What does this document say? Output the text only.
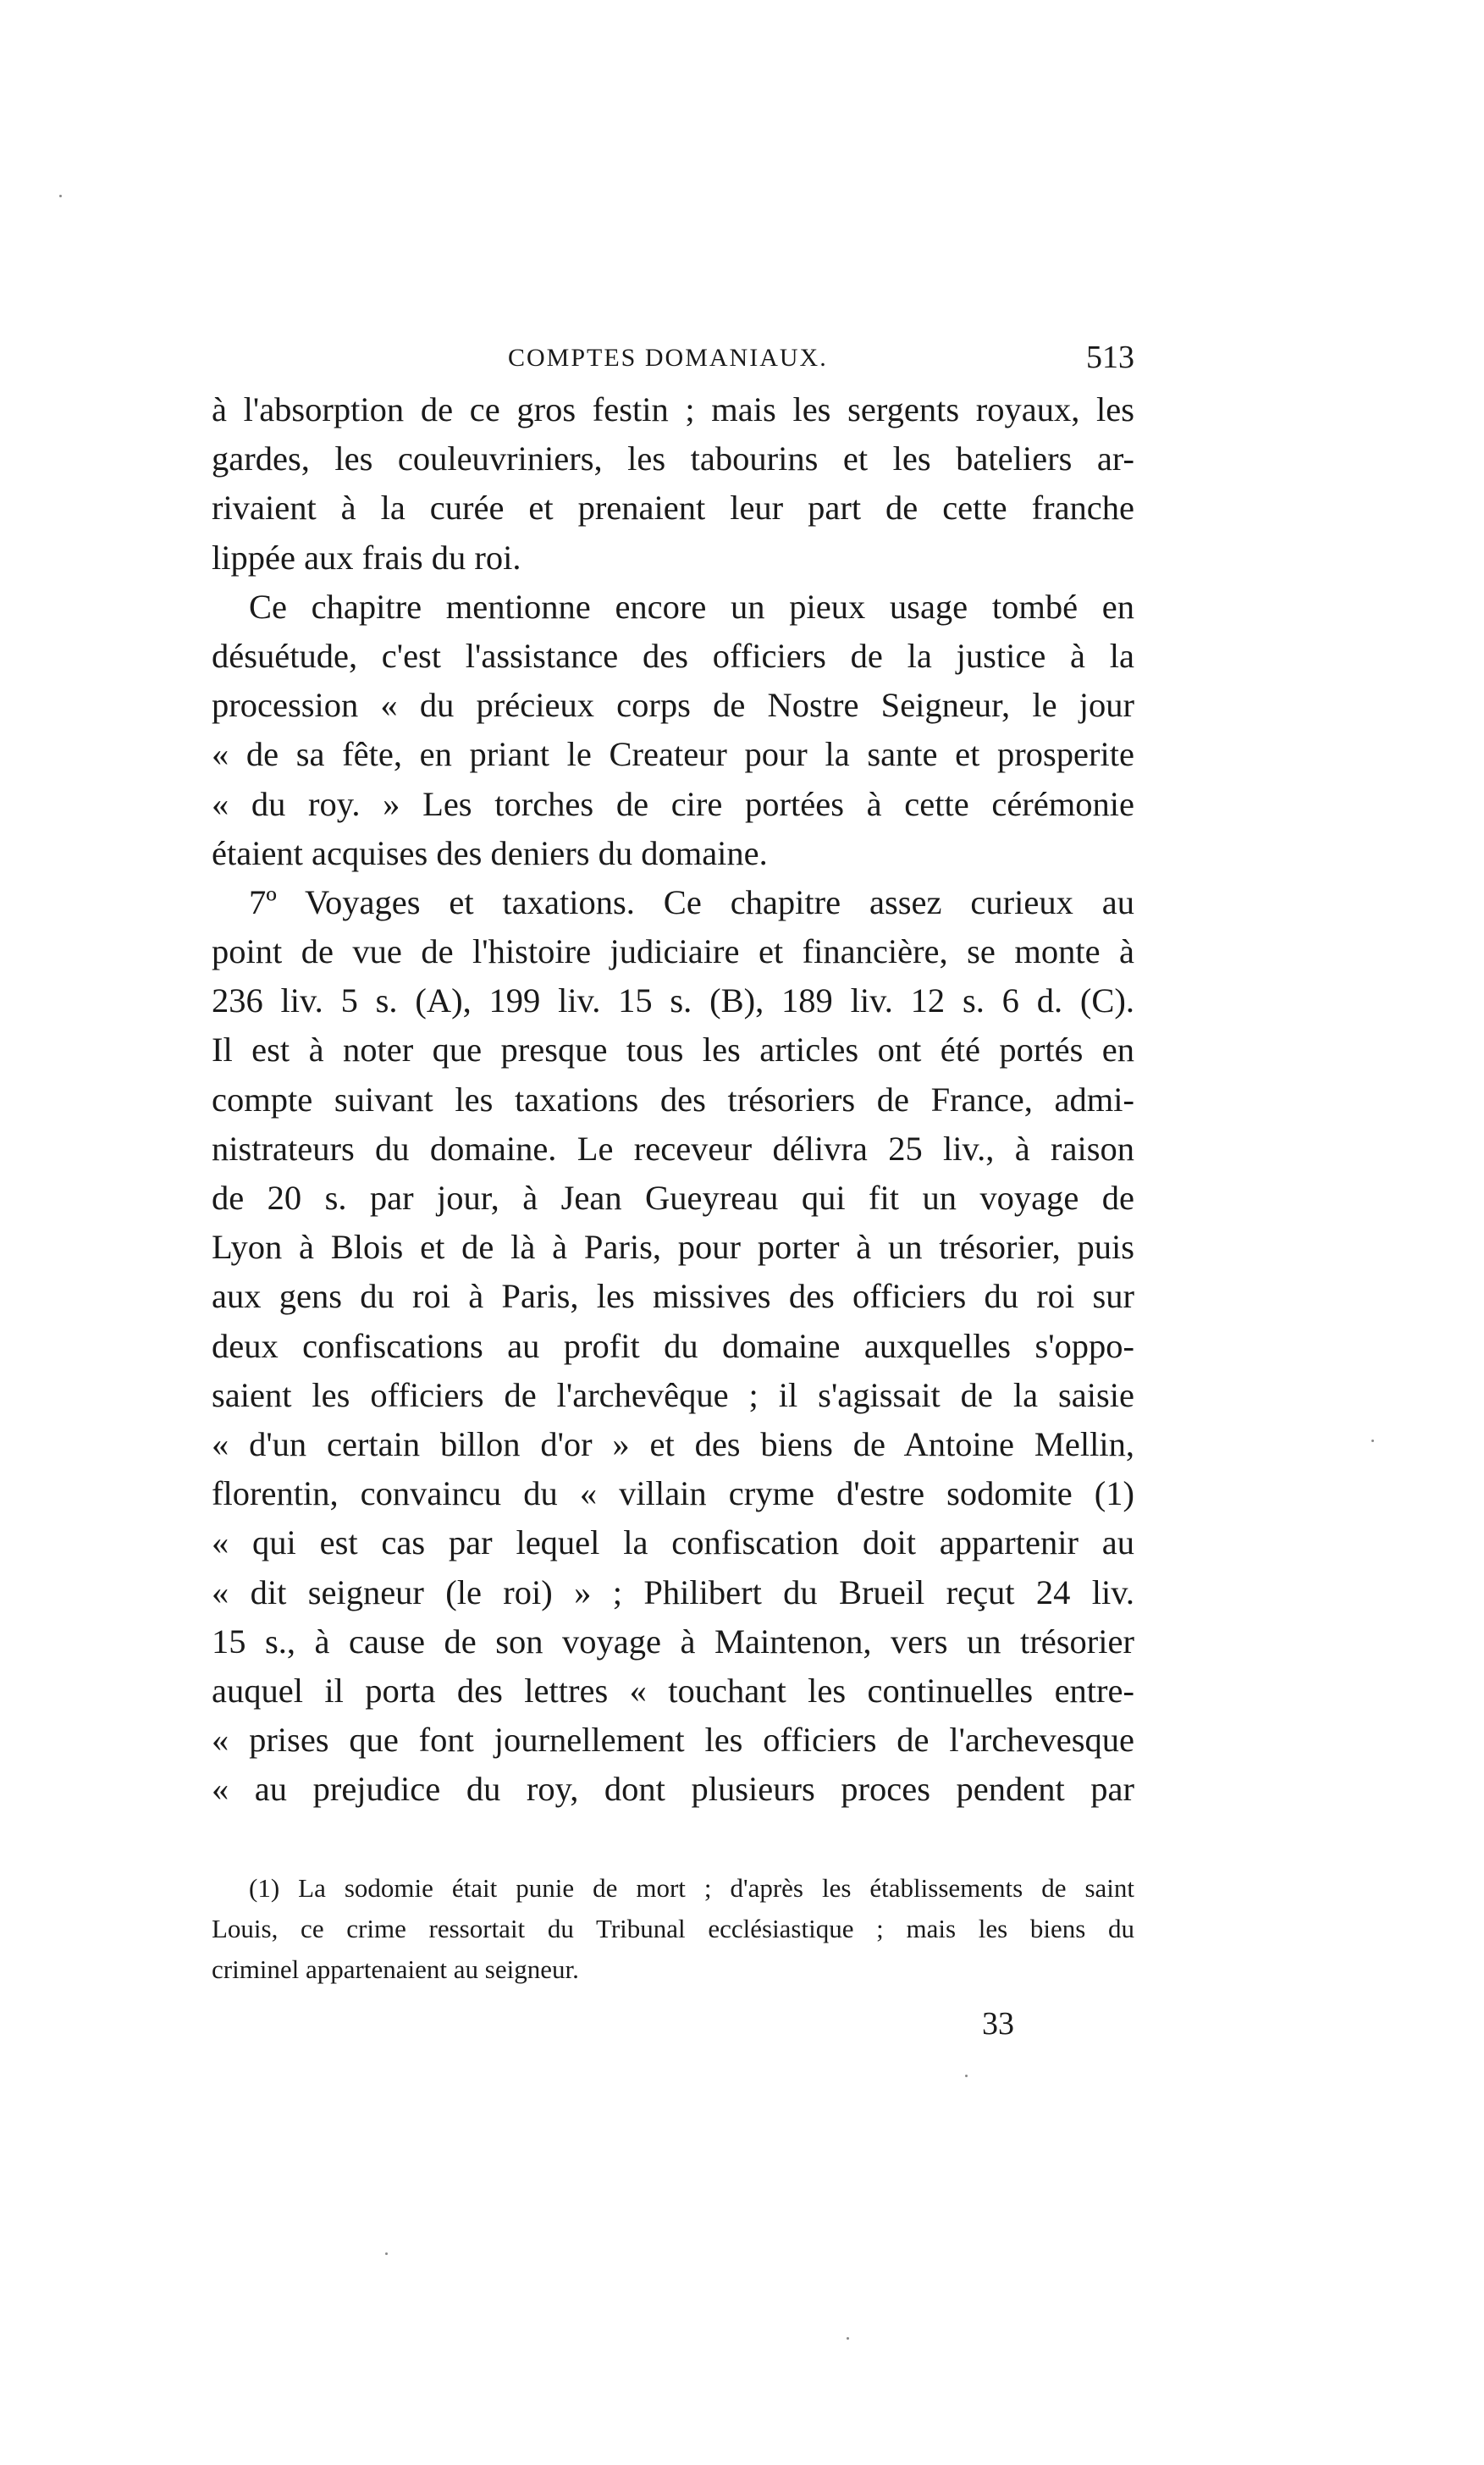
COMPTES DOMANIAUX.	513
à l'absorption de ce gros festin ; mais les sergents royaux, les
gardes, les couleuvriniers, les tabourins et les bateliers ar-
rivaient à la curée et prenaient leur part de cette franche
lippée aux frais du roi.
Ce chapitre mentionne encore un pieux usage tombé en
désuétude, c'est l'assistance des officiers de la justice à la
procession « du précieux corps de Nostre Seigneur, le jour
« de sa fête, en priant le Createur pour la sante et prosperite
« du roy. » Les torches de cire portées à cette cérémonie
étaient acquises des deniers du domaine.
7º Voyages et taxations. Ce chapitre assez curieux au
point de vue de l'histoire judiciaire et financière, se monte à
236 liv. 5 s. (A), 199 liv. 15 s. (B), 189 liv. 12 s. 6 d. (C).
Il est à noter que presque tous les articles ont été portés en
compte suivant les taxations des trésoriers de France, admi-
nistrateurs du domaine. Le receveur délivra 25 liv., à raison
de 20 s. par jour, à Jean Gueyreau qui fit un voyage de
Lyon à Blois et de là à Paris, pour porter à un trésorier, puis
aux gens du roi à Paris, les missives des officiers du roi sur
deux confiscations au profit du domaine auxquelles s'oppo-
saient les officiers de l'archevêque ; il s'agissait de la saisie
« d'un certain billon d'or » et des biens de Antoine Mellin,
florentin, convaincu du « villain cryme d'estre sodomite (1)
« qui est cas par lequel la confiscation doit appartenir au
« dit seigneur (le roi) » ; Philibert du Brueil reçut 24 liv.
15 s., à cause de son voyage à Maintenon, vers un trésorier
auquel il porta des lettres « touchant les continuelles entre-
« prises que font journellement les officiers de l'archevesque
« au prejudice du roy, dont plusieurs proces pendent par
(1) La sodomie était punie de mort ; d'après les établissements de saint
Louis, ce crime ressortait du Tribunal ecclésiastique ; mais les biens du
criminel appartenaient au seigneur.
33
